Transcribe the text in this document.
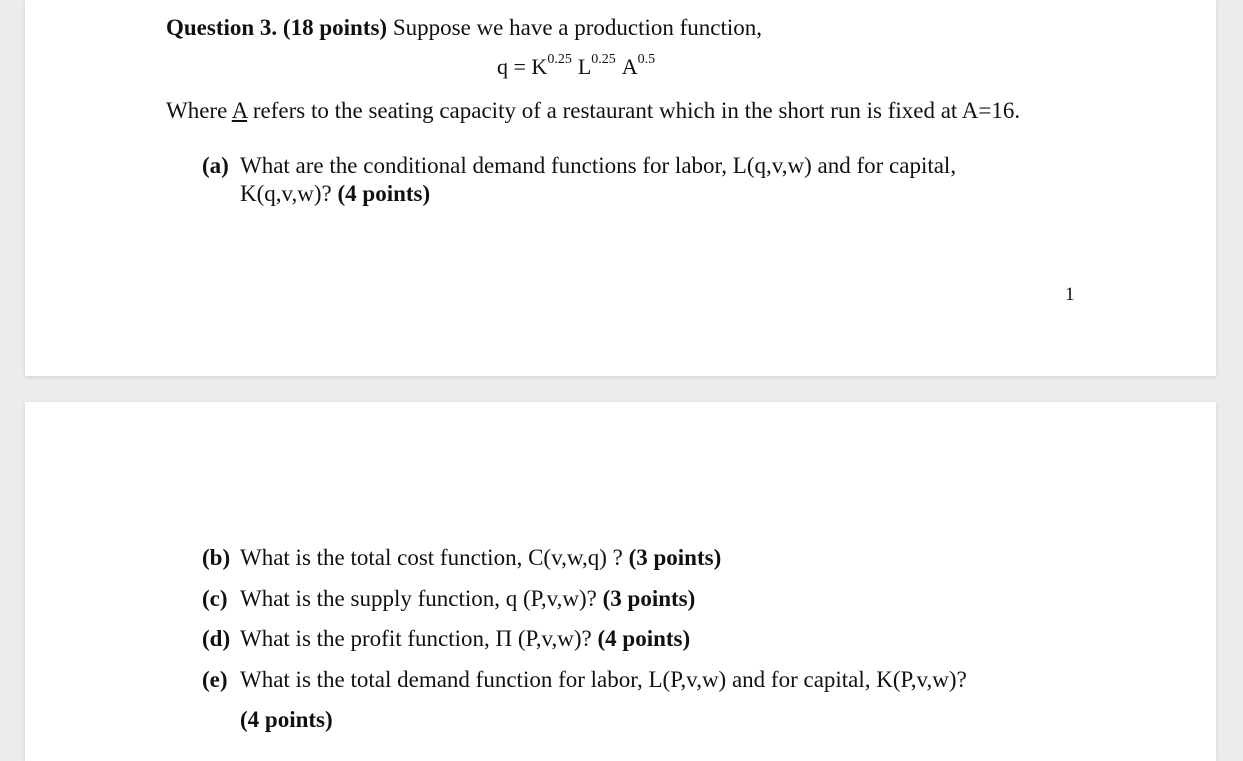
Question 3. (18 points) Suppose we have a production function,
$q = K^{0.25}$ $L^{0.25}$ $A^{0.5}$
Where A refers to the seating capacity of a restaurant which in the short run is fixed at A=16.
(a) What are the conditional demand functions for labor, L(q,v,w) and for capital,
K(q,v,w)? (4 points)
1
(b) What is the total cost function, C(v,w,q) ? (3 points)
(c) What is the supply function, q (P,v,w)? (3 points)
(d) What is the profit function, Π (P,v,w)? (4 points)
(e) What is the total demand function for labor, L(P,v,w) and for capital, K(P,v,w)?
(4 points)
